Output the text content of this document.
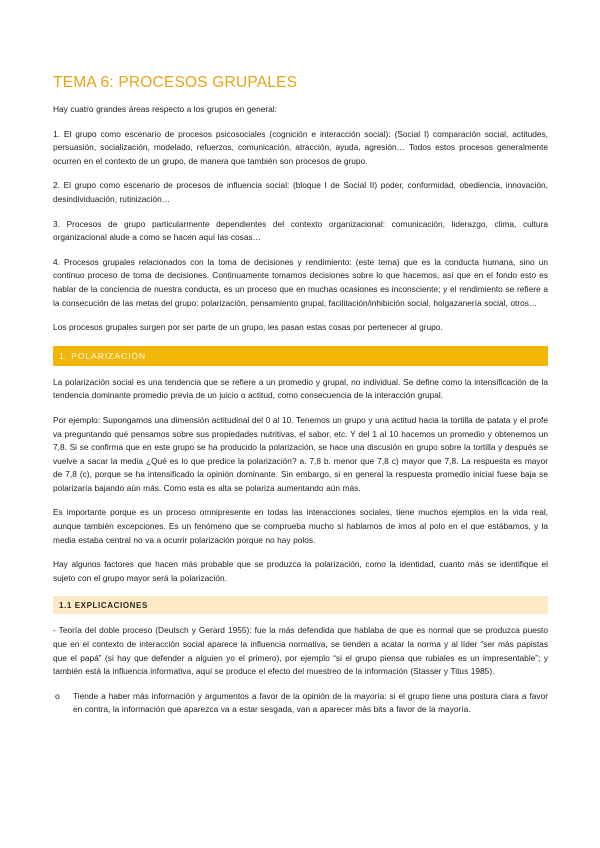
TEMA 6: PROCESOS GRUPALES

Hay cuatro grandes áreas respecto a los grupos en general:

1. El grupo como escenario de procesos psicosociales (cognición e interacción social): (Social I) comparación social, actitudes, persuasión, socialización, modelado, refuerzos, comunicación, atracción, ayuda, agresión… Todos estos procesos generalmente ocurren en el contexto de un grupo, de manera que también son procesos de grupo.

2. El grupo como escenario de procesos de influencia social: (bloque I de Social II) poder, conformidad, obediencia, innovación, desindividuación, rutinización…

3. Procesos de grupo particularmente dependientes del contexto organizacional: comunicación, liderazgo, clima, cultura organizacional alude a como se hacen aquí las cosas…

4. Procesos grupales relacionados con la toma de decisiones y rendimiento: (este tema) que es la conducta humana, sino un continuo proceso de toma de decisiones. Continuamente tomamos decisiones sobre lo que hacemos, así que en el fondo esto es hablar de la conciencia de nuestra conducta, es un proceso que en muchas ocasiones es inconsciente; y el rendimiento se refiere a la consecución de las metas del grupo: polarización, pensamiento grupal, facilitación/inhibición social, holgazanería social, otros…

Los procesos grupales surgen por ser parte de un grupo, les pasan estas cosas por pertenecer al grupo.

1. POLARIZACIÓN

La polarización social es una tendencia que se refiere a un promedio y grupal, no individual. Se define como la intensificación de la tendencia dominante promedio previa de un juicio o actitud, como consecuencia de la interacción grupal.

Por ejemplo: Supongamos una dimensión actitudinal del 0 al 10. Tenemos un grupo y una actitud hacia la tortilla de patata y el profe va preguntando qué pensamos sobre sus propiedades nutritivas, el sabor, etc. Y del 1 al 10 hacemos un promedio y obtenemos un 7,8. Si se confirma que en este grupo se ha producido la polarización, se hace una discusión en grupo sobre la tortilla y después se vuelve a sacar la media ¿Qué es lo que predice la polarización? a. 7,8 b. menor que 7,8 c) mayor que 7,8. La respuesta es mayor de 7,8 (c), porque se ha intensificado la opinión dominante. Sin embargo, si en general la respuesta promedio inicial fuese baja se polarizaría bajando aún más. Como esta es alta se polariza aumentando aún más.

Es importante porque es un proceso omnipresente en todas las interacciones sociales, tiene muchos ejemplos en la vida real, aunque también excepciones. Es un fenómeno que se comprueba mucho si hablamos de irnos al polo en el que estábamos, y la media estaba central no va a ocurrir polarización porque no hay polos.

Hay algunos factores que hacen más probable que se produzca la polarización, como la identidad, cuanto más se identifique el sujeto con el grupo mayor será la polarización.

1.1 EXPLICACIONES

- Teoría del doble proceso (Deutsch y Gerard 1955): fue la más defendida que hablaba de que es normal que se produzca puesto que en el contexto de interacción social aparece la influencia normativa, se tienden a acatar la norma y al líder “ser más papistas que el papá” (si hay que defender a alguien yo el primero), por ejemplo “si el grupo piensa que rubiales es un impresentable”; y también está la influencia informativa, aquí se produce el efecto del muestreo de la información (Stasser y Titus 1985).

o	Tiende a haber más información y argumentos a favor de la opinión de la mayoría: si el grupo tiene una postura clara a favor en contra, la información que aparezca va a estar sesgada, van a aparecer más bits a favor de la mayoría.
